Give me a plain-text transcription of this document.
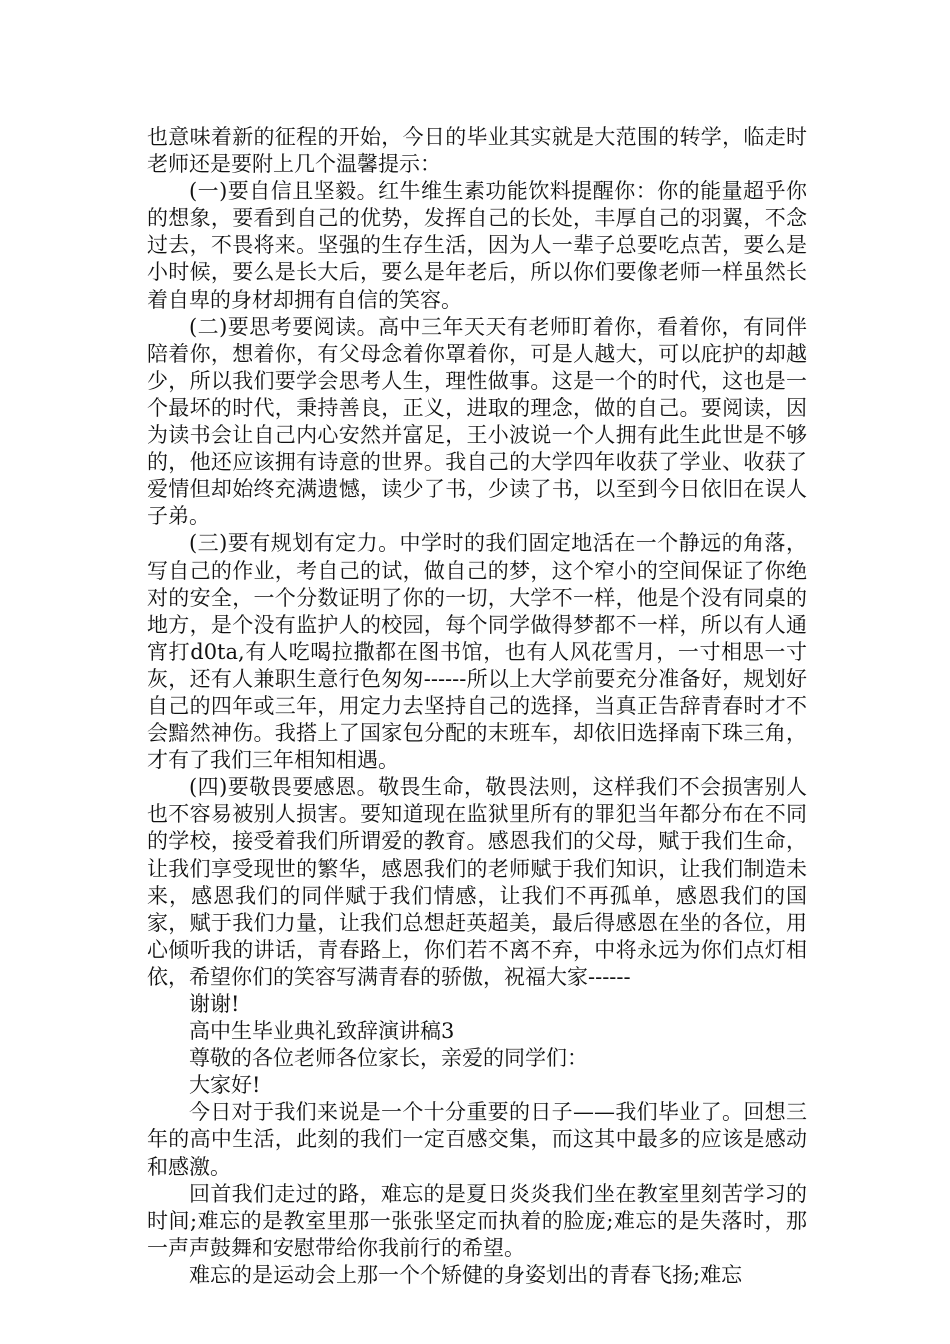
也意味着新的征程的开始，今日的毕业其实就是大范围的转学，临走时老师还是要附上几个温馨提示：

(一)要自信且坚毅。红牛维生素功能饮料提醒你：你的能量超乎你的想象，要看到自己的优势，发挥自己的长处，丰厚自己的羽翼，不念过去，不畏将来。坚强的生存生活，因为人一辈子总要吃点苦，要么是小时候，要么是长大后，要么是年老后，所以你们要像老师一样虽然长着自卑的身材却拥有自信的笑容。

(二)要思考要阅读。高中三年天天有老师盯着你，看着你，有同伴陪着你，想着你，有父母念着你罩着你，可是人越大，可以庇护的却越少，所以我们要学会思考人生，理性做事。这是一个的时代，这也是一个最坏的时代，秉持善良，正义，进取的理念，做的自己。要阅读，因为读书会让自己内心安然并富足，王小波说一个人拥有此生此世是不够的，他还应该拥有诗意的世界。我自己的大学四年收获了学业、收获了爱情但却始终充满遗憾，读少了书，少读了书，以至到今日依旧在误人子弟。

(三)要有规划有定力。中学时的我们固定地活在一个静远的角落，写自己的作业，考自己的试，做自己的梦，这个窄小的空间保证了你绝对的安全，一个分数证明了你的一切，大学不一样，他是个没有同桌的地方，是个没有监护人的校园，每个同学做得梦都不一样，所以有人通宵打d0ta,有人吃喝拉撒都在图书馆，也有人风花雪月，一寸相思一寸灰，还有人兼职生意行色匆匆------所以上大学前要充分准备好，规划好自己的四年或三年，用定力去坚持自己的选择，当真正告辞青春时才不会黯然神伤。我搭上了国家包分配的末班车，却依旧选择南下珠三角，才有了我们三年相知相遇。

(四)要敬畏要感恩。敬畏生命，敬畏法则，这样我们不会损害别人也不容易被别人损害。要知道现在监狱里所有的罪犯当年都分布在不同的学校，接受着我们所谓爱的教育。感恩我们的父母，赋于我们生命，让我们享受现世的繁华，感恩我们的老师赋于我们知识，让我们制造未来，感恩我们的同伴赋于我们情感，让我们不再孤单，感恩我们的国家，赋于我们力量，让我们总想赶英超美，最后得感恩在坐的各位，用心倾听我的讲话，青春路上，你们若不离不弃，中将永远为你们点灯相依，希望你们的笑容写满青春的骄傲，祝福大家------

谢谢!

高中生毕业典礼致辞演讲稿3

尊敬的各位老师各位家长，亲爱的同学们：

大家好!

今日对于我们来说是一个十分重要的日子——我们毕业了。回想三年的高中生活，此刻的我们一定百感交集，而这其中最多的应该是感动和感激。

回首我们走过的路，难忘的是夏日炎炎我们坐在教室里刻苦学习的时间;难忘的是教室里那一张张坚定而执着的脸庞;难忘的是失落时，那一声声鼓舞和安慰带给你我前行的希望。

难忘的是运动会上那一个个矫健的身姿划出的青春飞扬;难忘
